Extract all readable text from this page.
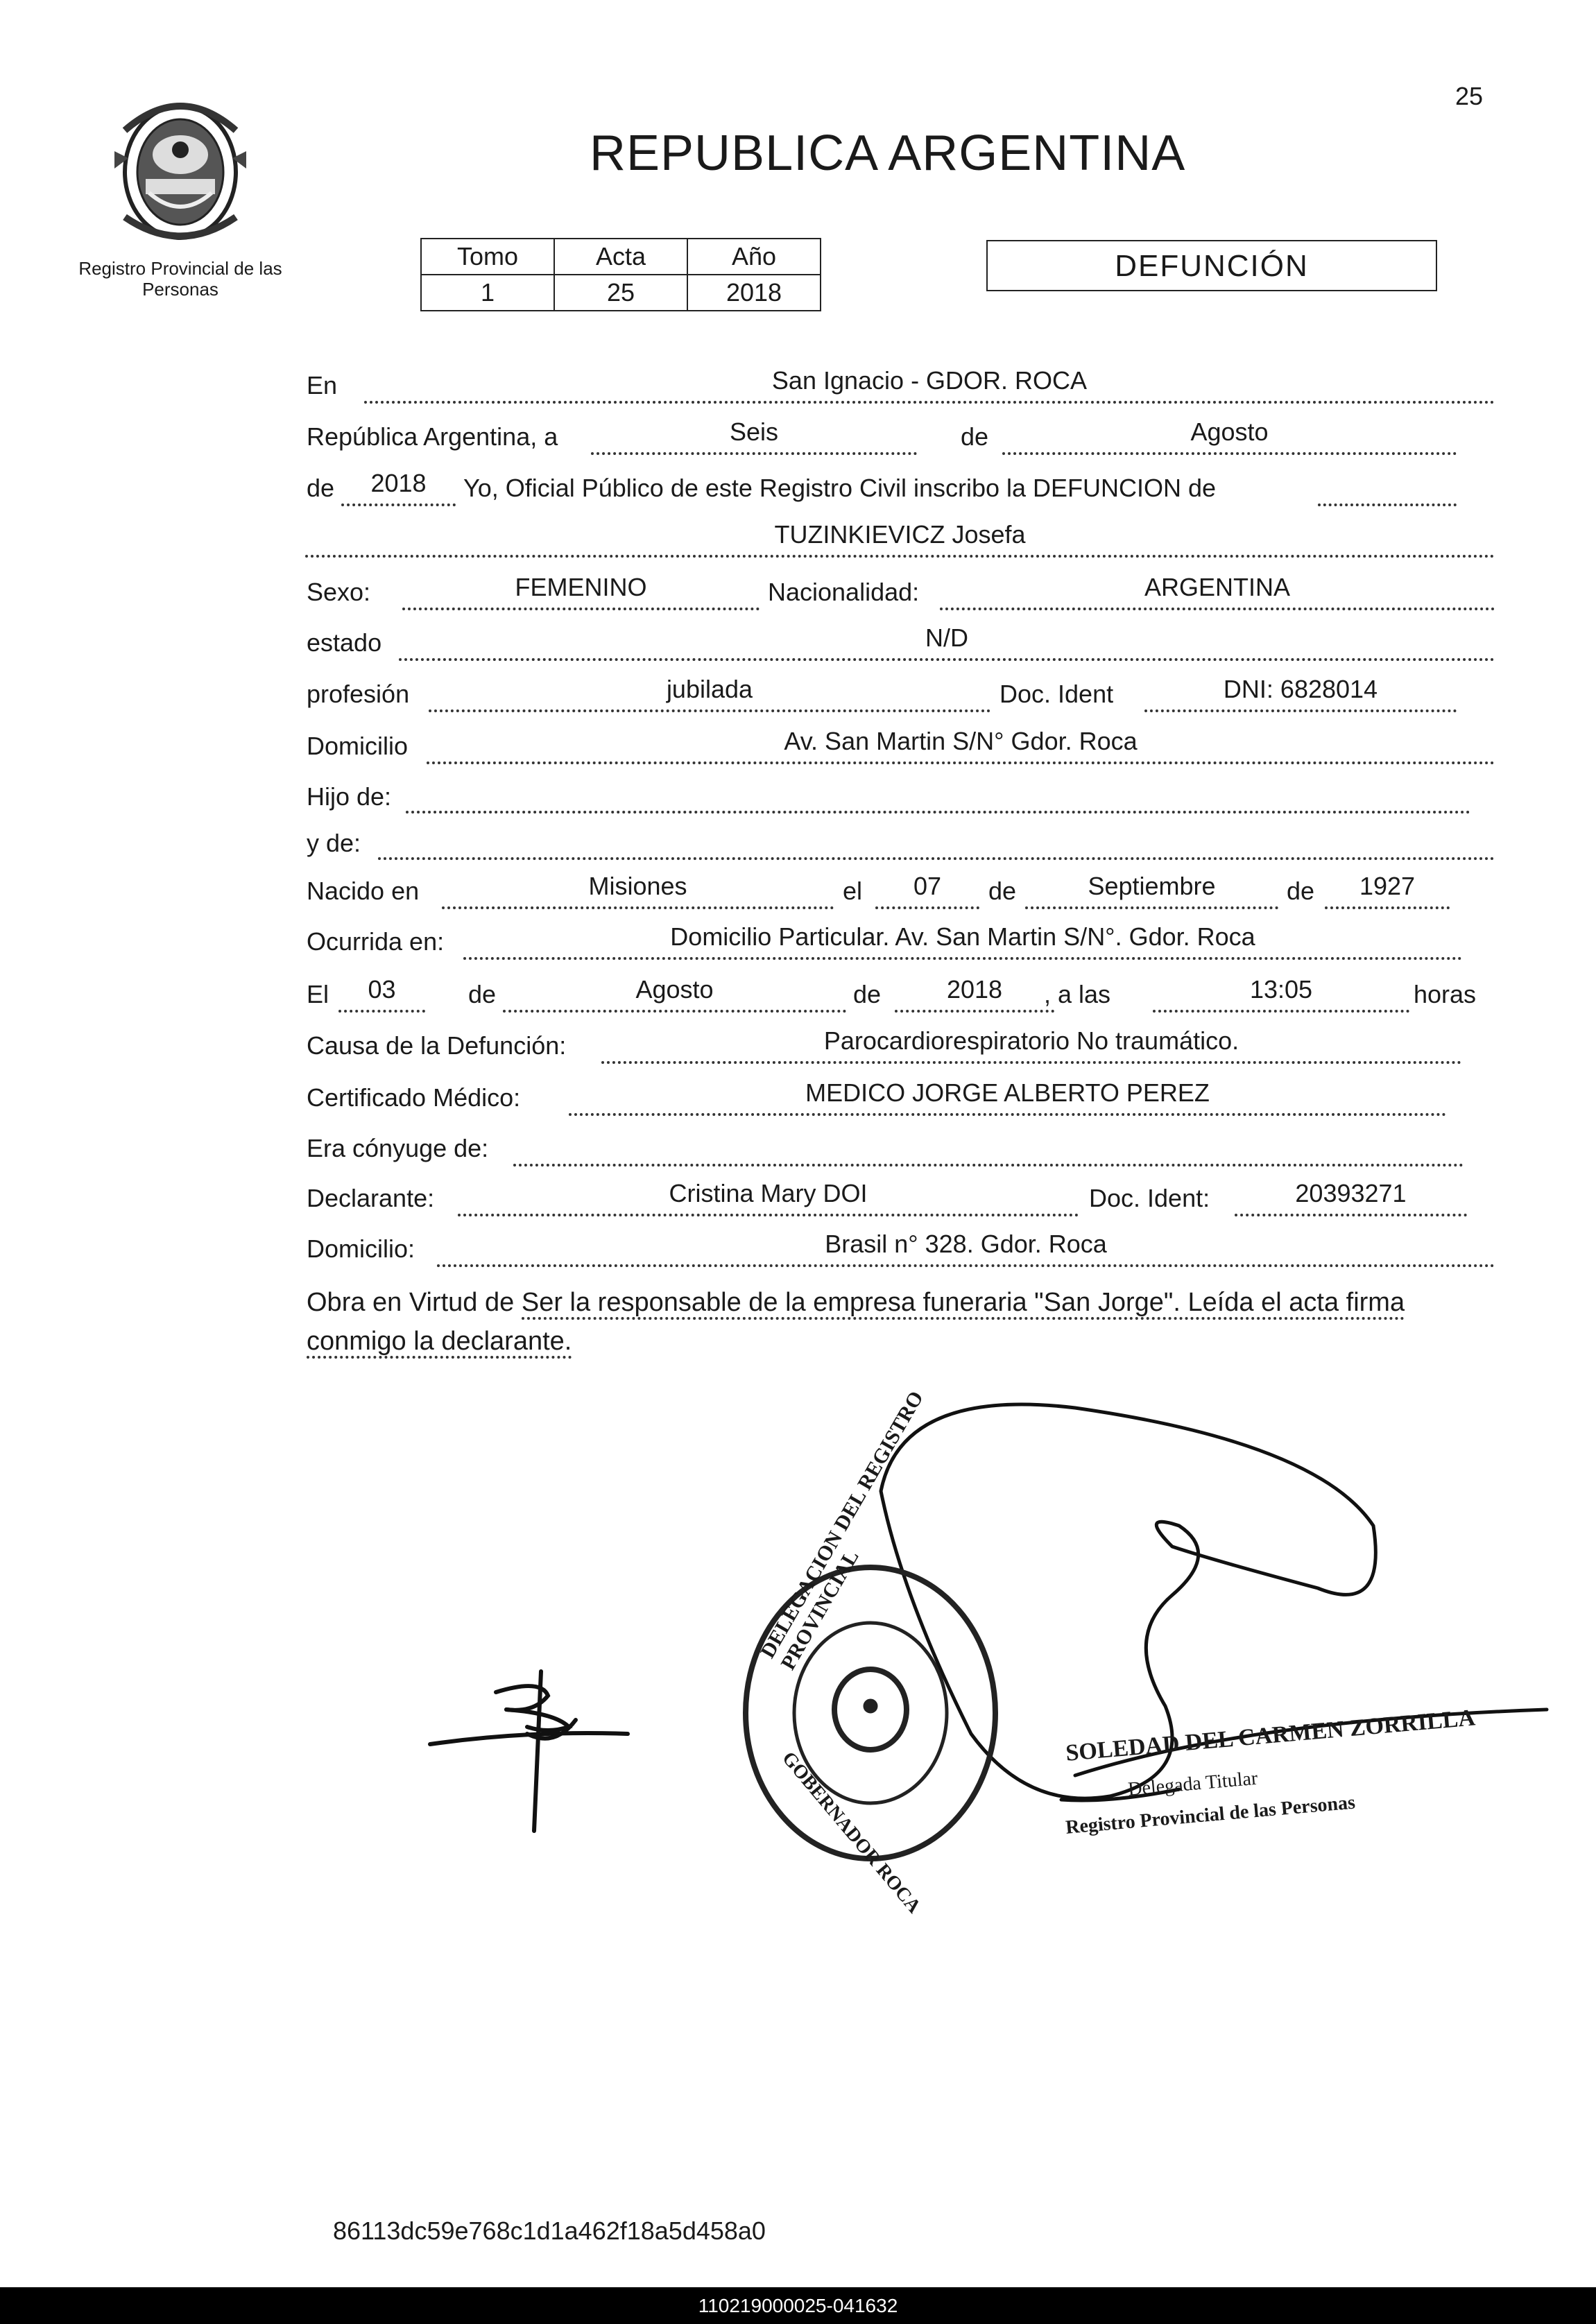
25
Registro Provincial de las Personas
REPUBLICA ARGENTINA
Tomo	Acta	Año
1	25	2018
DEFUNCIÓN
En	San Ignacio - GDOR. ROCA
República Argentina, a	Seis	de	Agosto
de	2018	Yo, Oficial Público de este Registro Civil inscribo la DEFUNCION de
TUZINKIEVICZ Josefa
Sexo:	FEMENINO	Nacionalidad:	ARGENTINA
estado	N/D
profesión	jubilada	Doc. Ident	DNI: 6828014
Domicilio	Av. San Martin S/N° Gdor. Roca
Hijo de:
y de:
Nacido en	Misiones	el	07	de	Septiembre	de	1927
Ocurrida en:	Domicilio Particular. Av. San Martin S/N°. Gdor. Roca
El	03	de	Agosto	de	2018	, a las	13:05	horas
Causa de la Defunción:	Parocardiorespiratorio No traumático.
Certificado Médico:	MEDICO JORGE ALBERTO PEREZ
Era cónyuge de:
Declarante:	Cristina Mary DOI	Doc. Ident:	20393271
Domicilio:	Brasil n° 328. Gdor. Roca
Obra en Virtud de Ser la responsable de la empresa funeraria "San Jorge". Leída el acta firma conmigo la declarante.
DELEGACION DEL REGISTRO PROVINCIAL
GOBERNADOR ROCA
SOLEDAD DEL CARMEN ZORRILLA
Delegada Titular
Registro Provincial de las Personas
86113dc59e768c1d1a462f18a5d458a0
110219000025-041632
